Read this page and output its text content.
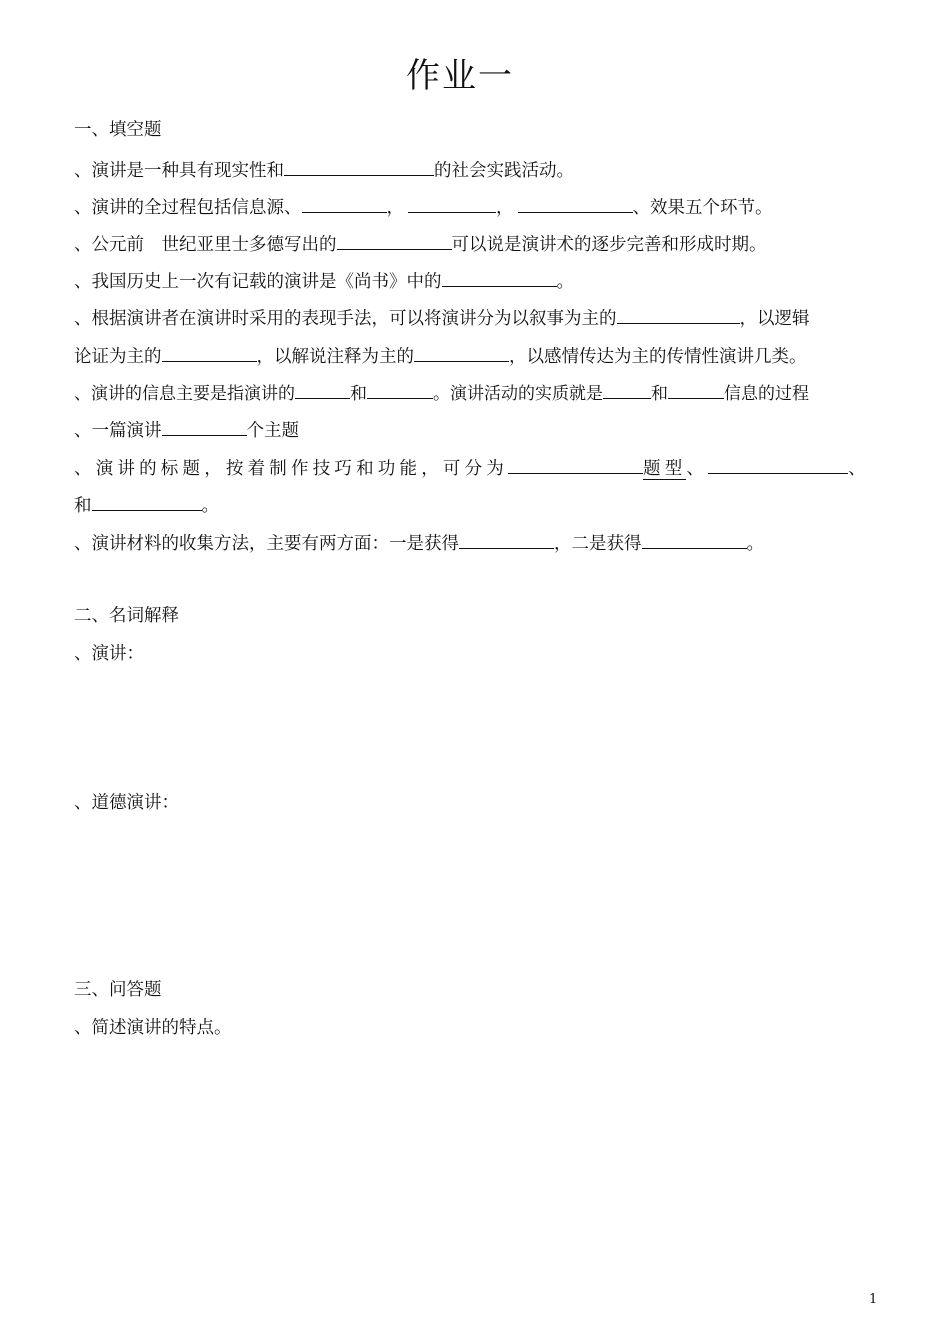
作业一
一、填空题
、演讲是一种具有现实性和	的社会实践活动。
、演讲的全过程包括信息源、	，	，	、效果五个环节。
、公元前　世纪亚里士多德写出的	可以说是演讲术的逐步完善和形成时期。
、我国历史上一次有记载的演讲是《尚书》中的	。
、根据演讲者在演讲时采用的表现手法，可以将演讲分为以叙事为主的	，以逻辑
论证为主的	，以解说注释为主的	，以感情传达为主的传情性演讲几类。
、演讲的信息主要是指演讲的	和	。演讲活动的实质就是	和	信息的过程
、一篇演讲	个主题
、演讲的标题，按着制作技巧和功能，可分为	题型、	、
和	。
、演讲材料的收集方法，主要有两方面：一是获得	，二是获得	。
二、名词解释
、演讲：
、道德演讲：
三、问答题
、简述演讲的特点。
1
